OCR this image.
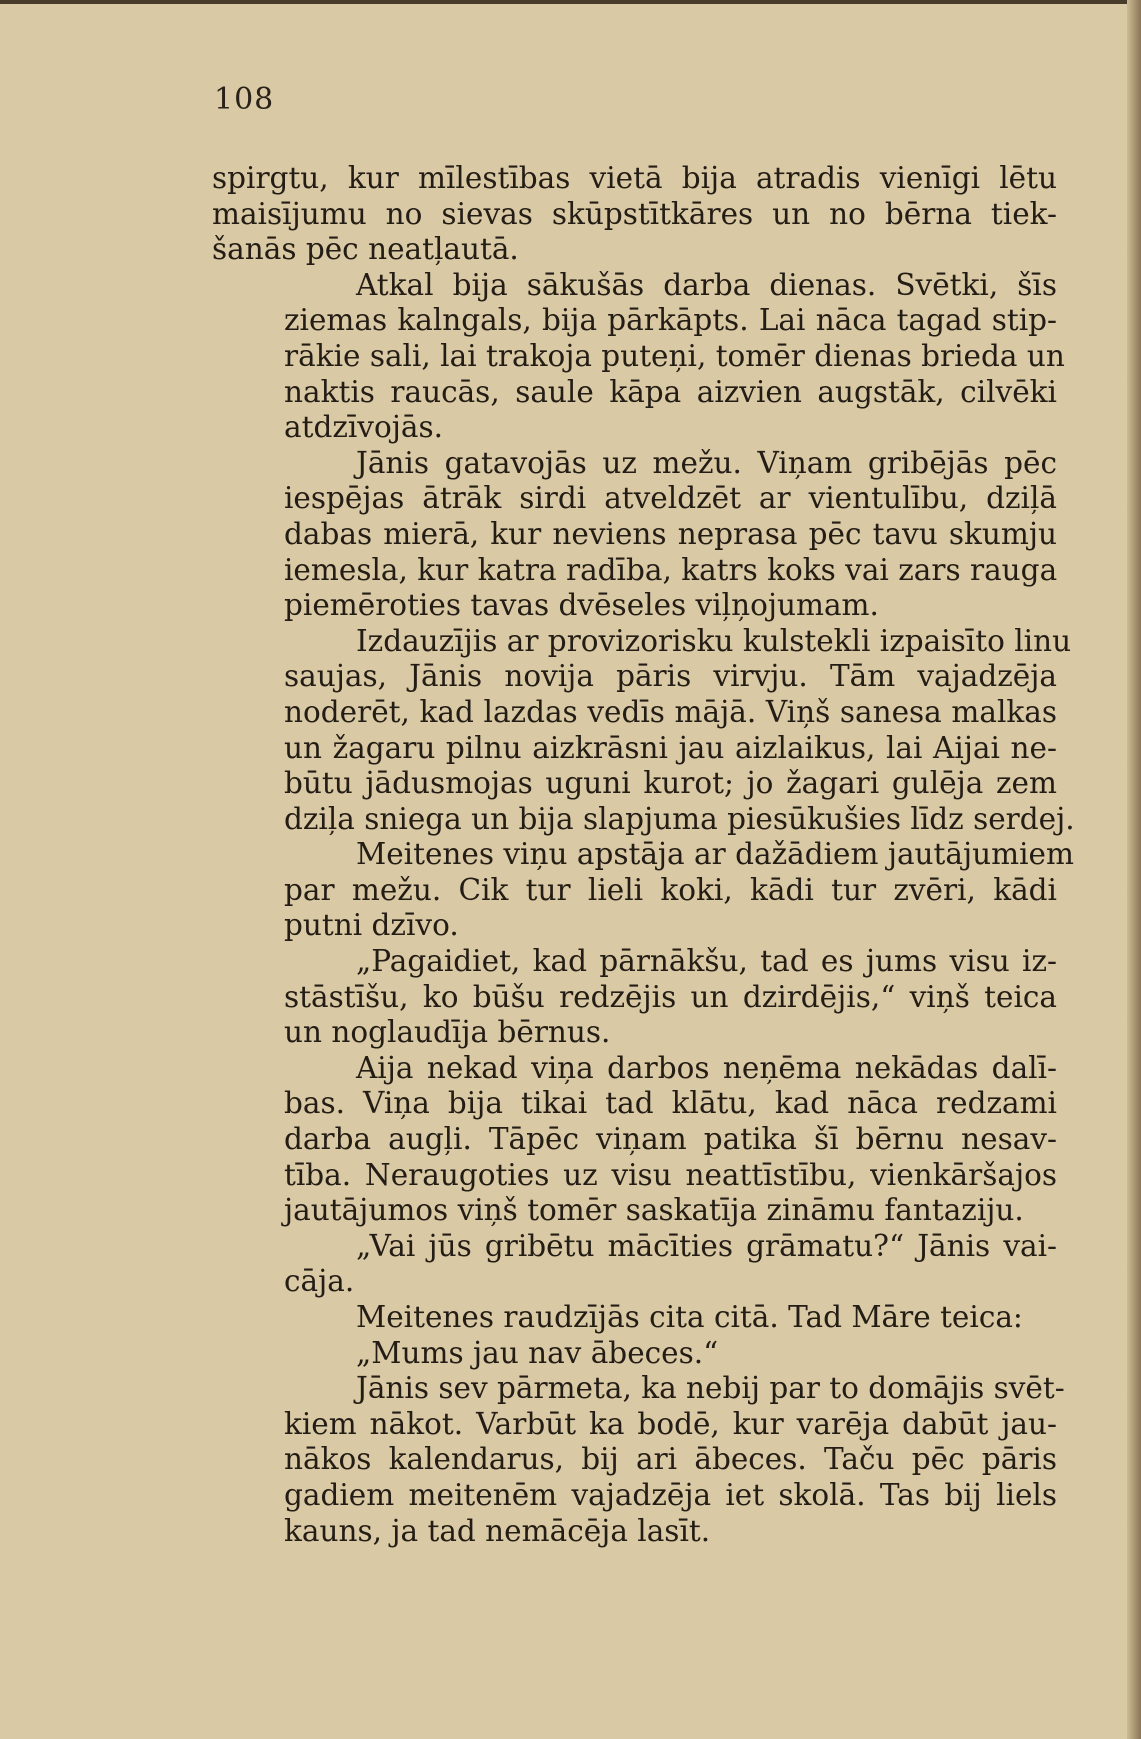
108

spirgtu, kur mīlestības vietā bija atradis vienīgi lētu
maisījumu no sievas skūpstītkāres un no bērna tiek-
šanās pēc neatļautā.

Atkal bija sākušās darba dienas. Svētki, šīs
ziemas kalngals, bija pārkāpts. Lai nāca tagad stip-
rākie sali, lai trakoja puteņi, tomēr dienas brieda un
naktis raucās, saule kāpa aizvien augstāk, cilvēki
atdzīvojās.

Jānis gatavojās uz mežu. Viņam gribējās pēc
iespējas ātrāk sirdi atveldzēt ar vientulību, dziļā
dabas mierā, kur neviens neprasa pēc tavu skumju
iemesla, kur katra radība, katrs koks vai zars rauga
piemēroties tavas dvēseles viļņojumam.

Izdauzījis ar provizorisku kulstekli izpaisīto linu
saujas, Jānis novija pāris virvju. Tām vajadzēja
noderēt, kad lazdas vedīs mājā. Viņš sanesa malkas
un žagaru pilnu aizkrāsni jau aizlaikus, lai Aijai ne-
būtu jādusmojas uguni kurot; jo žagari gulēja zem
dziļa sniega un bija slapjuma piesūkušies līdz serdej.

Meitenes viņu apstāja ar dažādiem jautājumiem
par mežu. Cik tur lieli koki, kādi tur zvēri, kādi
putni dzīvo.

„Pagaidiet, kad pārnākšu, tad es jums visu iz-
stāstīšu, ko būšu redzējis un dzirdējis,“ viņš teica
un noglaudīja bērnus.

Aija nekad viņa darbos neņēma nekādas dalī-
bas. Viņa bija tikai tad klātu, kad nāca redzami
darba augļi. Tāpēc viņam patika šī bērnu nesav-
tība. Neraugoties uz visu neattīstību, vienkāršajos
jautājumos viņš tomēr saskatīja zināmu fantaziju.

„Vai jūs gribētu mācīties grāmatu?“ Jānis vai-
cāja.

Meitenes raudzījās cita citā. Tad Māre teica:

„Mums jau nav ābeces.“

Jānis sev pārmeta, ka nebij par to domājis svēt-
kiem nākot. Varbūt ka bodē, kur varēja dabūt jau-
nākos kalendarus, bij ari ābeces. Taču pēc pāris
gadiem meitenēm vajadzēja iet skolā. Tas bij liels
kauns, ja tad nemācēja lasīt.
